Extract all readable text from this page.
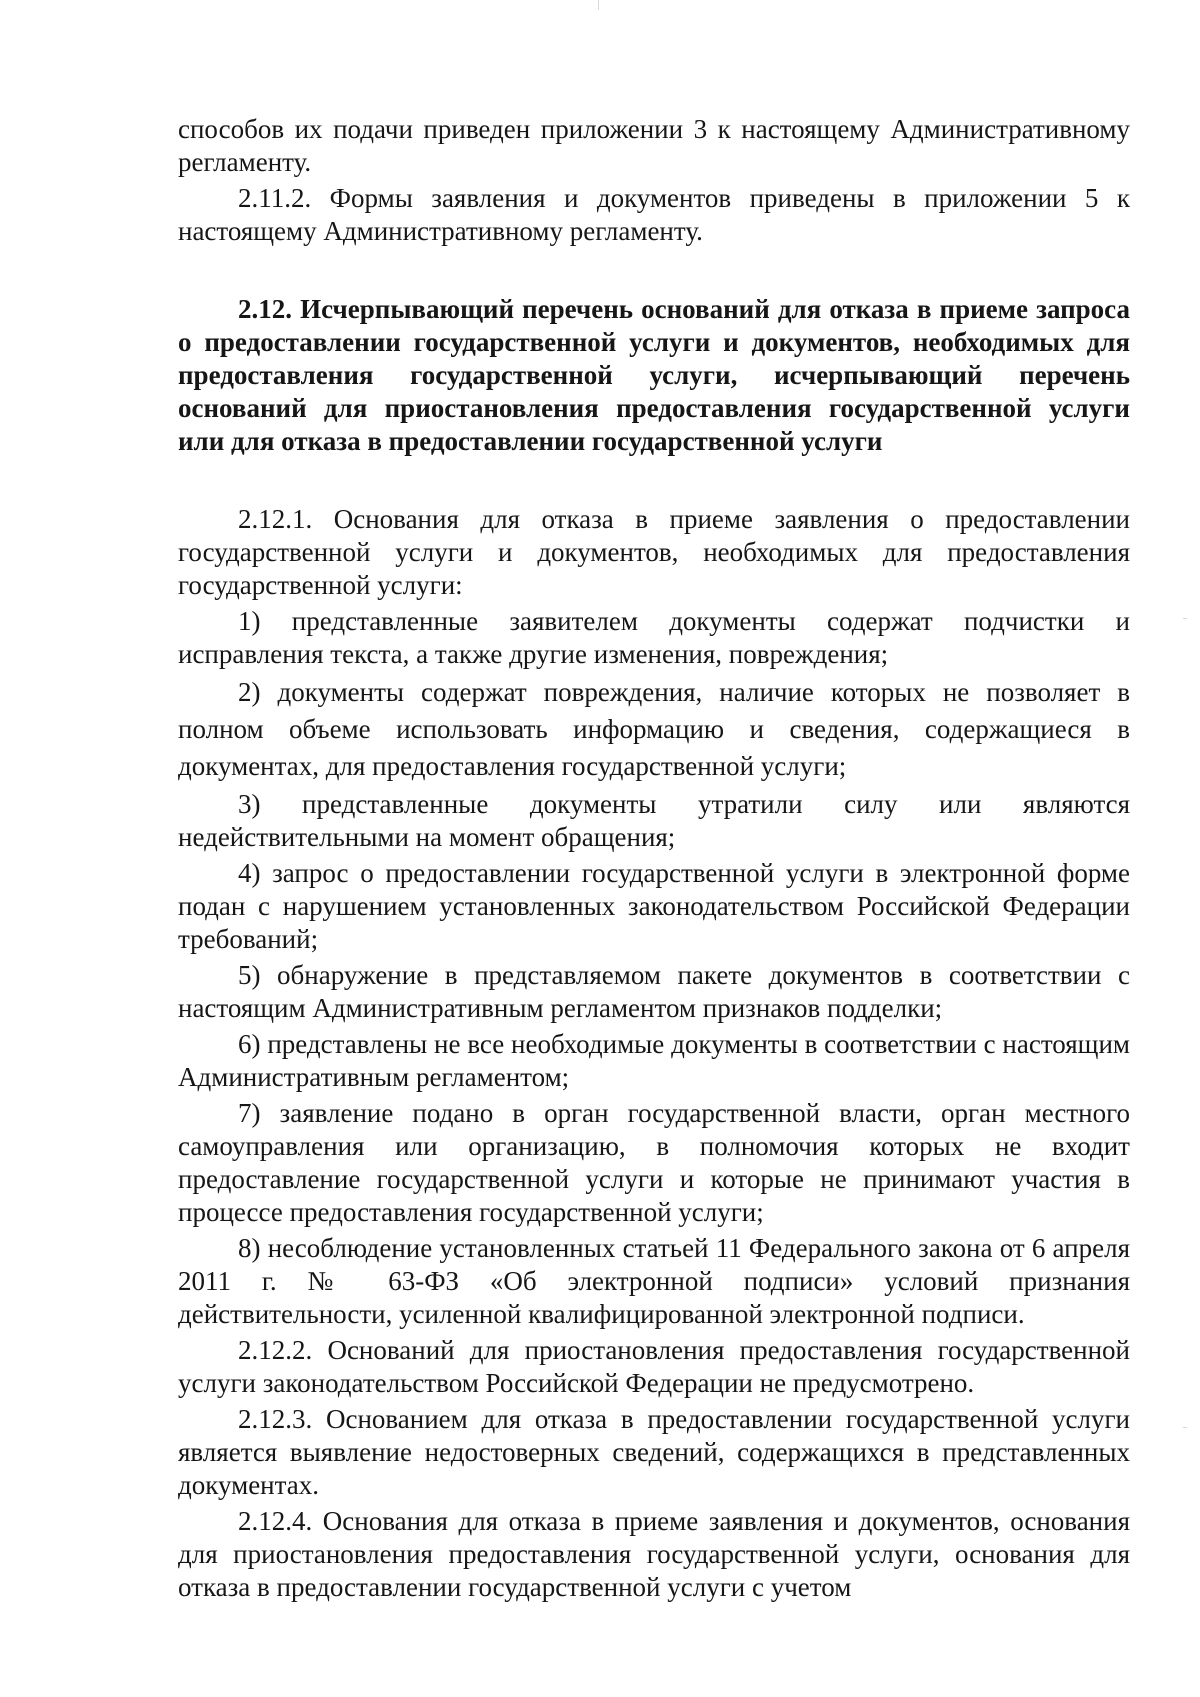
способов их подачи приведен приложении 3 к настоящему Административному регламенту.

2.11.2. Формы заявления и документов приведены в приложении 5 к настоящему Административному регламенту.

2.12. Исчерпывающий перечень оснований для отказа в приеме запроса о предоставлении государственной услуги и документов, необходимых для предоставления государственной услуги, исчерпывающий перечень оснований для приостановления предоставления государственной услуги или для отказа в предоставлении государственной услуги

2.12.1. Основания для отказа в приеме заявления о предоставлении государственной услуги и документов, необходимых для предоставления государственной услуги:

1) представленные заявителем документы содержат подчистки и исправления текста, а также другие изменения, повреждения;

2) документы содержат повреждения, наличие которых не позволяет в полном объеме использовать информацию и сведения, содержащиеся в документах, для предоставления государственной услуги;

3) представленные документы утратили силу или являются недействительными на момент обращения;

4) запрос о предоставлении государственной услуги в электронной форме подан с нарушением установленных законодательством Российской Федерации требований;

5) обнаружение в представляемом пакете документов в соответствии с настоящим Административным регламентом признаков подделки;

6) представлены не все необходимые документы в соответствии с настоящим Административным регламентом;

7) заявление подано в орган государственной власти, орган местного самоуправления или организацию, в полномочия которых не входит предоставление государственной услуги и которые не принимают участия в процессе предоставления государственной услуги;

8) несоблюдение установленных статьей 11 Федерального закона от 6 апреля 2011 г. № 63-ФЗ «Об электронной подписи» условий признания действительности, усиленной квалифицированной электронной подписи.

2.12.2. Оснований для приостановления предоставления государственной услуги законодательством Российской Федерации не предусмотрено.

2.12.3. Основанием для отказа в предоставлении государственной услуги является выявление недостоверных сведений, содержащихся в представленных документах.

2.12.4. Основания для отказа в приеме заявления и документов, основания для приостановления предоставления государственной услуги, основания для отказа в предоставлении государственной услуги с учетом
